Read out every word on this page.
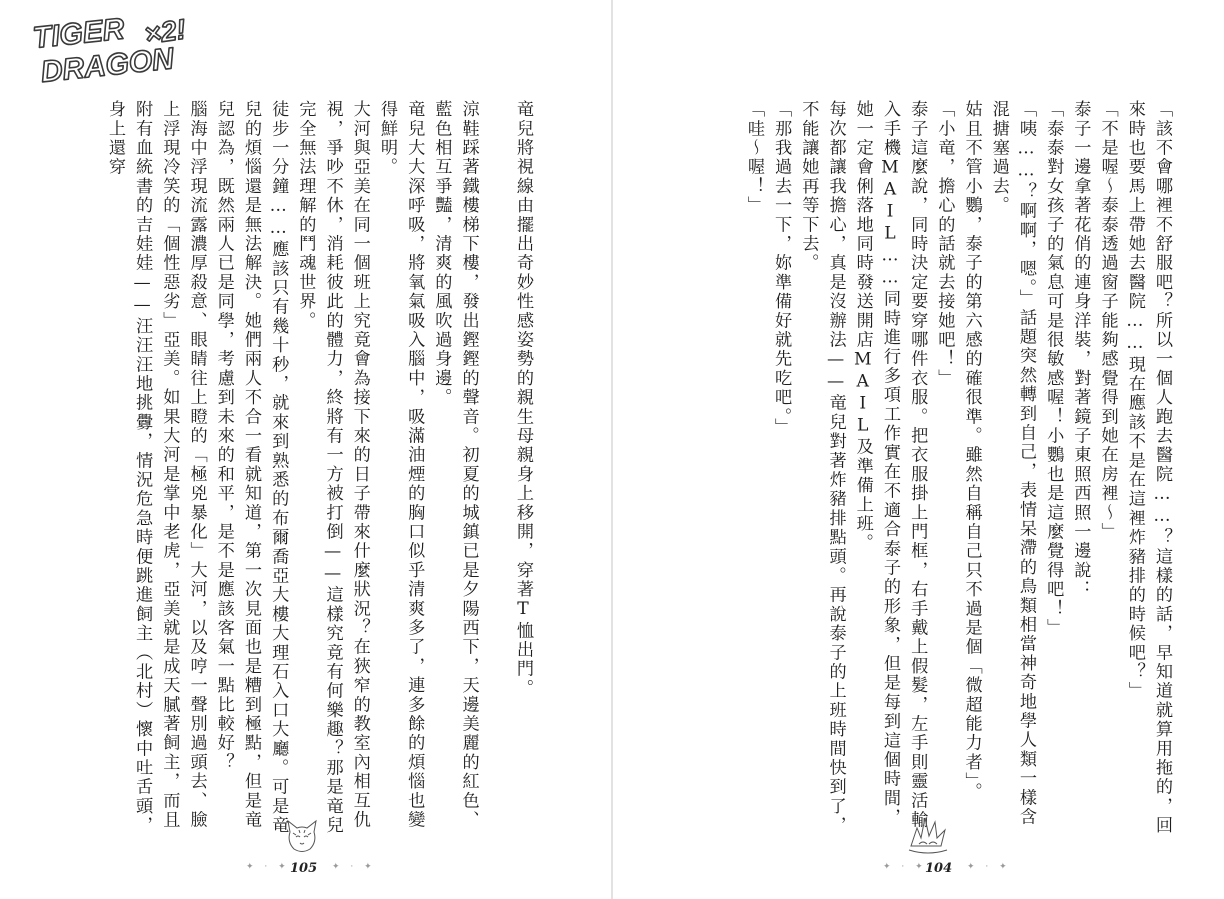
TIGER
DRAGON
×2!

竜兒將視線由擺出奇妙性感姿勢的親生母親身上移開，穿著T恤出門。

涼鞋踩著鐵樓梯下樓，發出鏗鏗的聲音。初夏的城鎮已是夕陽西下，天邊美麗的紅色、藍色相互爭豔，清爽的風吹過身邊。

竜兒大大深呼吸，將氧氣吸入腦中，吸滿油煙的胸口似乎清爽多了，連多餘的煩惱也變得鮮明。

大河與亞美在同一個班上究竟會為接下來的日子帶來什麼狀況？在狹窄的教室內相互仇視，爭吵不休，消耗彼此的體力，終將有一方被打倒——這樣究竟有何樂趣？那是竜兒完全無法理解的鬥魂世界。

徒步一分鐘……應該只有幾十秒，就來到熟悉的布爾喬亞大樓大理石入口大廳。可是竜兒的煩惱還是無法解決。她們兩人不合一看就知道，第一次見面也是糟到極點，但是竜兒認為，既然兩人已是同學，考慮到未來的和平，是不是應該客氣一點比較好？

腦海中浮現流露濃厚殺意、眼睛往上瞪的「極兇暴化」大河，以及哼一聲別過頭去、臉上浮現冷笑的「個性惡劣」亞美。如果大河是掌中老虎，亞美就是成天膩著飼主，而且附有血統書的吉娃娃——汪汪汪地挑釁，情況危急時便跳進飼主（北村）懷中吐舌頭，身上還穿

✦ · ✦ 105 ✦ · ✦

「該不會哪裡不舒服吧？所以一個人跑去醫院……？這樣的話，早知道就算用拖的，回來時也要馬上帶她去醫院……現在應該不是在這裡炸豬排的時候吧？」

「不是喔～泰泰透過窗子能夠感覺得到她在房裡～」

泰子一邊拿著花俏的連身洋裝，對著鏡子東照西照一邊說：

「泰泰對女孩子的氣息可是很敏感喔！小鸚也是這麼覺得吧！」

「咦……？啊啊，嗯。」話題突然轉到自己，表情呆滯的鳥類相當神奇地學人類一樣含混搪塞過去。

姑且不管小鸚，泰子的第六感的確很準。雖然自稱自己只不過是個「微超能力者」。

「小竜，擔心的話就去接她吧！」

泰子這麼說，同時決定要穿哪件衣服。把衣服掛上門框，右手戴上假髮，左手則靈活輸入手機MAIL……同時進行多項工作實在不適合泰子的形象，但是每到這個時間，她一定會俐落地同時發送開店MAIL及準備上班。

每次都讓我擔心，真是沒辦法——竜兒對著炸豬排點頭。再說泰子的上班時間快到了，不能讓她再等下去。

「那我過去一下，妳準備好就先吃吧。」

「哇～喔！」

✦ · ✦
104 ✦ · ✦
